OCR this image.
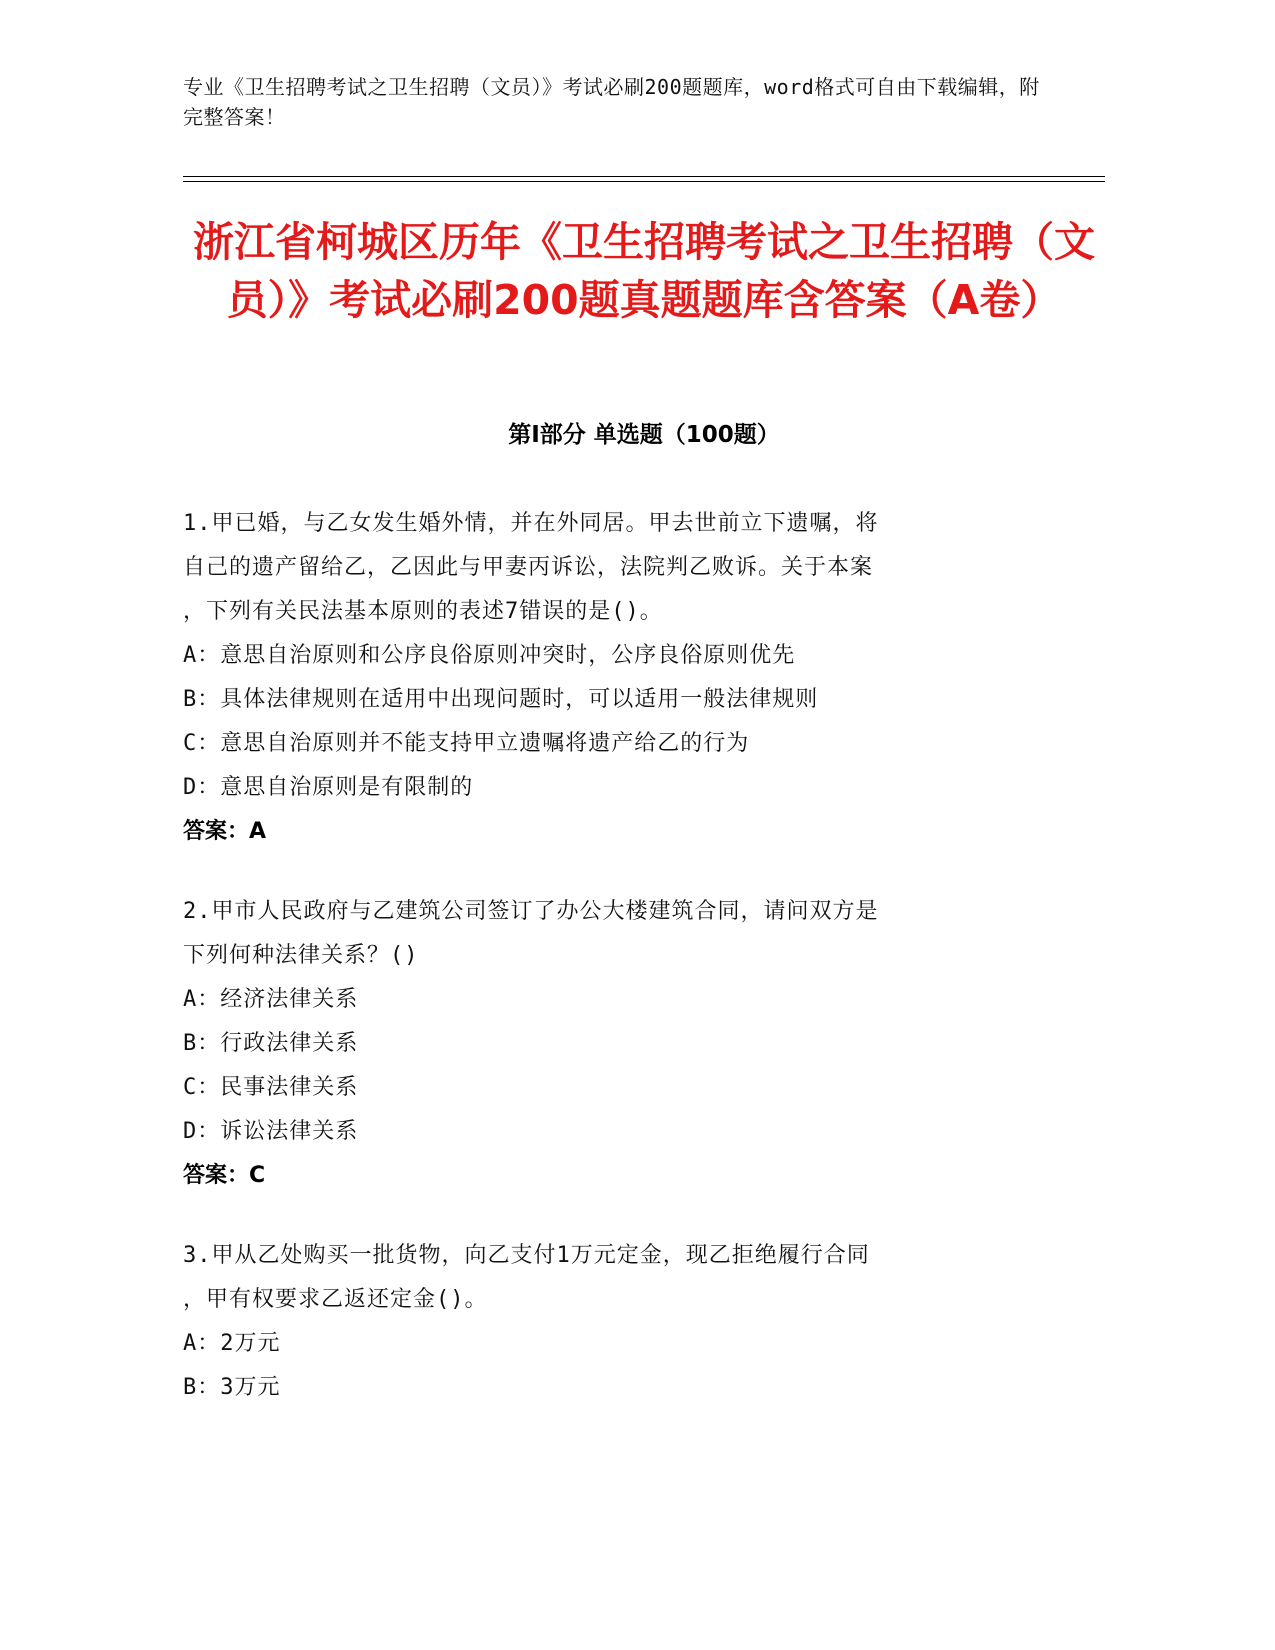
专业《卫生招聘考试之卫生招聘（文员）》考试必刷200题题库，word格式可自由下载编辑，附完整答案！
浙江省柯城区历年《卫生招聘考试之卫生招聘（文员）》考试必刷200题真题题库含答案（A卷）
第Ⅰ部分 单选题（100题）
1.甲已婚，与乙女发生婚外情，并在外同居。甲去世前立下遗嘱，将
自己的遗产留给乙，乙因此与甲妻丙诉讼，法院判乙败诉。关于本案
，下列有关民法基本原则的表述7错误的是()。
A：意思自治原则和公序良俗原则冲突时，公序良俗原则优先
B：具体法律规则在适用中出现问题时，可以适用一般法律规则
C：意思自治原则并不能支持甲立遗嘱将遗产给乙的行为
D：意思自治原则是有限制的
答案：A
2.甲市人民政府与乙建筑公司签订了办公大楼建筑合同，请问双方是
下列何种法律关系？()
A：经济法律关系
B：行政法律关系
C：民事法律关系
D：诉讼法律关系
答案：C
3.甲从乙处购买一批货物，向乙支付1万元定金，现乙拒绝履行合同
，甲有权要求乙返还定金()。
A：2万元
B：3万元
